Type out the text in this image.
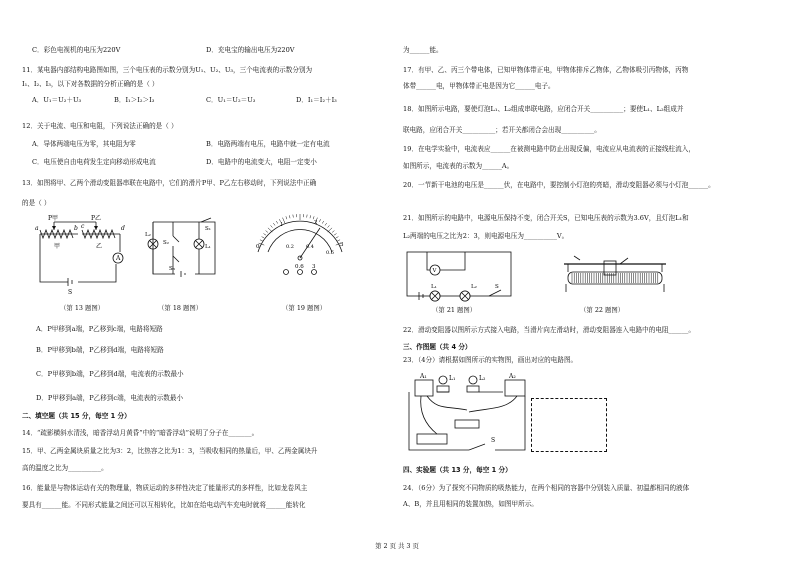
C．彩色电视机的电压为220V	D．充电宝的输出电压为220V
11．某电器内部结构电路图如图，三个电压表的示数分别为U₁、U₂、U₃，三个电流表的示数分别为
I₁、I₂、I₃，以下对各数据的分析正确的是（ ）
A．U₁＝U₂＋U₃	B．I₁＞I₂＞I₃	C．U₁＝U₂＝U₃	D．I₁＝I₂＋I₃
12．关于电流、电压和电阻，下列说法正确的是（ ）
A．导体两端电压为零，其电阻为零	B．电路两端有电压，电路中就一定有电流
C．电压使自由电荷发生定向移动形成电流	D．电路中的电流变大，电阻一定变小
13．如图将甲、乙两个滑动变阻器串联在电路中，它们的滑片P甲、P乙左右移动时，下列说法中正确
的是（ ）
A．P甲移到a端，P乙移到c端，电路将短路
B．P甲移到b端，P乙移到d端，电路将短路
C．P甲移到b端，P乙移到d端，电流表的示数最小
D．P甲移到a端，P乙移到c端，电流表的示数最小
二、填空题（共 15 分，每空 1 分）
14．“疏影横斜水清浅，暗香浮动月黄昏”中的“暗香浮动”说明了分子在_______。
15．甲、乙两金属块质量之比为3：2，比热容之比为1：3，当吸收相同的热量后，甲、乙两金属块升
高的温度之比为__________。
16．能量是与物体运动有关的物理量，物质运动的多样性决定了能量形式的多样性，比如龙卷风主
要具有______能。不同形式能量之间还可以互相转化，比如在给电动汽车充电时就将______能转化
P甲	P乙
a	b c	d
甲	乙
A
S
S₁
S₂
L₁
S₃
L₂
0
1	2
3
0.2 0.4
0.6
0.6 3
（第 13 题图）	（第 18 题图）	（第 19 题图）
为______能。
17．有甲、乙、丙三个带电体，已知甲物体带正电，甲物体排斥乙物体，乙物体吸引丙物体，丙物
体带______电，甲物体带正电是因为它______电子。
18．如图所示电路，要使灯泡L₁、L₂组成串联电路，应闭合开关__________；要使L₁、L₂组成并
联电路，应闭合开关__________；若开关都闭合会出现__________。
19．在电学实验中，电流表应______在被测电路中防止出现反偏，电流应从电流表的正接线柱流入，
如图所示，电流表的示数为______A。
20．一节新干电池的电压是______伏，在电路中，要控制小灯泡的亮暗，滑动变阻器必须与小灯泡______。
21．如图所示的电路中，电源电压保持不变，闭合开关S，已知电压表的示数为3.6V，且灯泡L₁和
L₂两端的电压之比为2：3，则电源电压为__________V。
22．滑动变阻器以图所示方式接入电路，当滑片向左滑动时，滑动变阻器连入电路中的电阻______。
三、作图题（共 4 分）
23．（4分）请根据如图所示的实物图，画出对应的电路图。
四、实验题（共 13 分，每空 1 分）
24．（6分）为了探究不同物质的吸热能力，在两个相同的容器中分别装入质量、初温都相同的液体
A、B，并且用相同的装置加热，如图甲所示。
V
L₁	L₂	S
（第 21 题图）	（第 22 题图）
A₁	A₂
L₁	L₂
S
第 2 页 共 3 页
